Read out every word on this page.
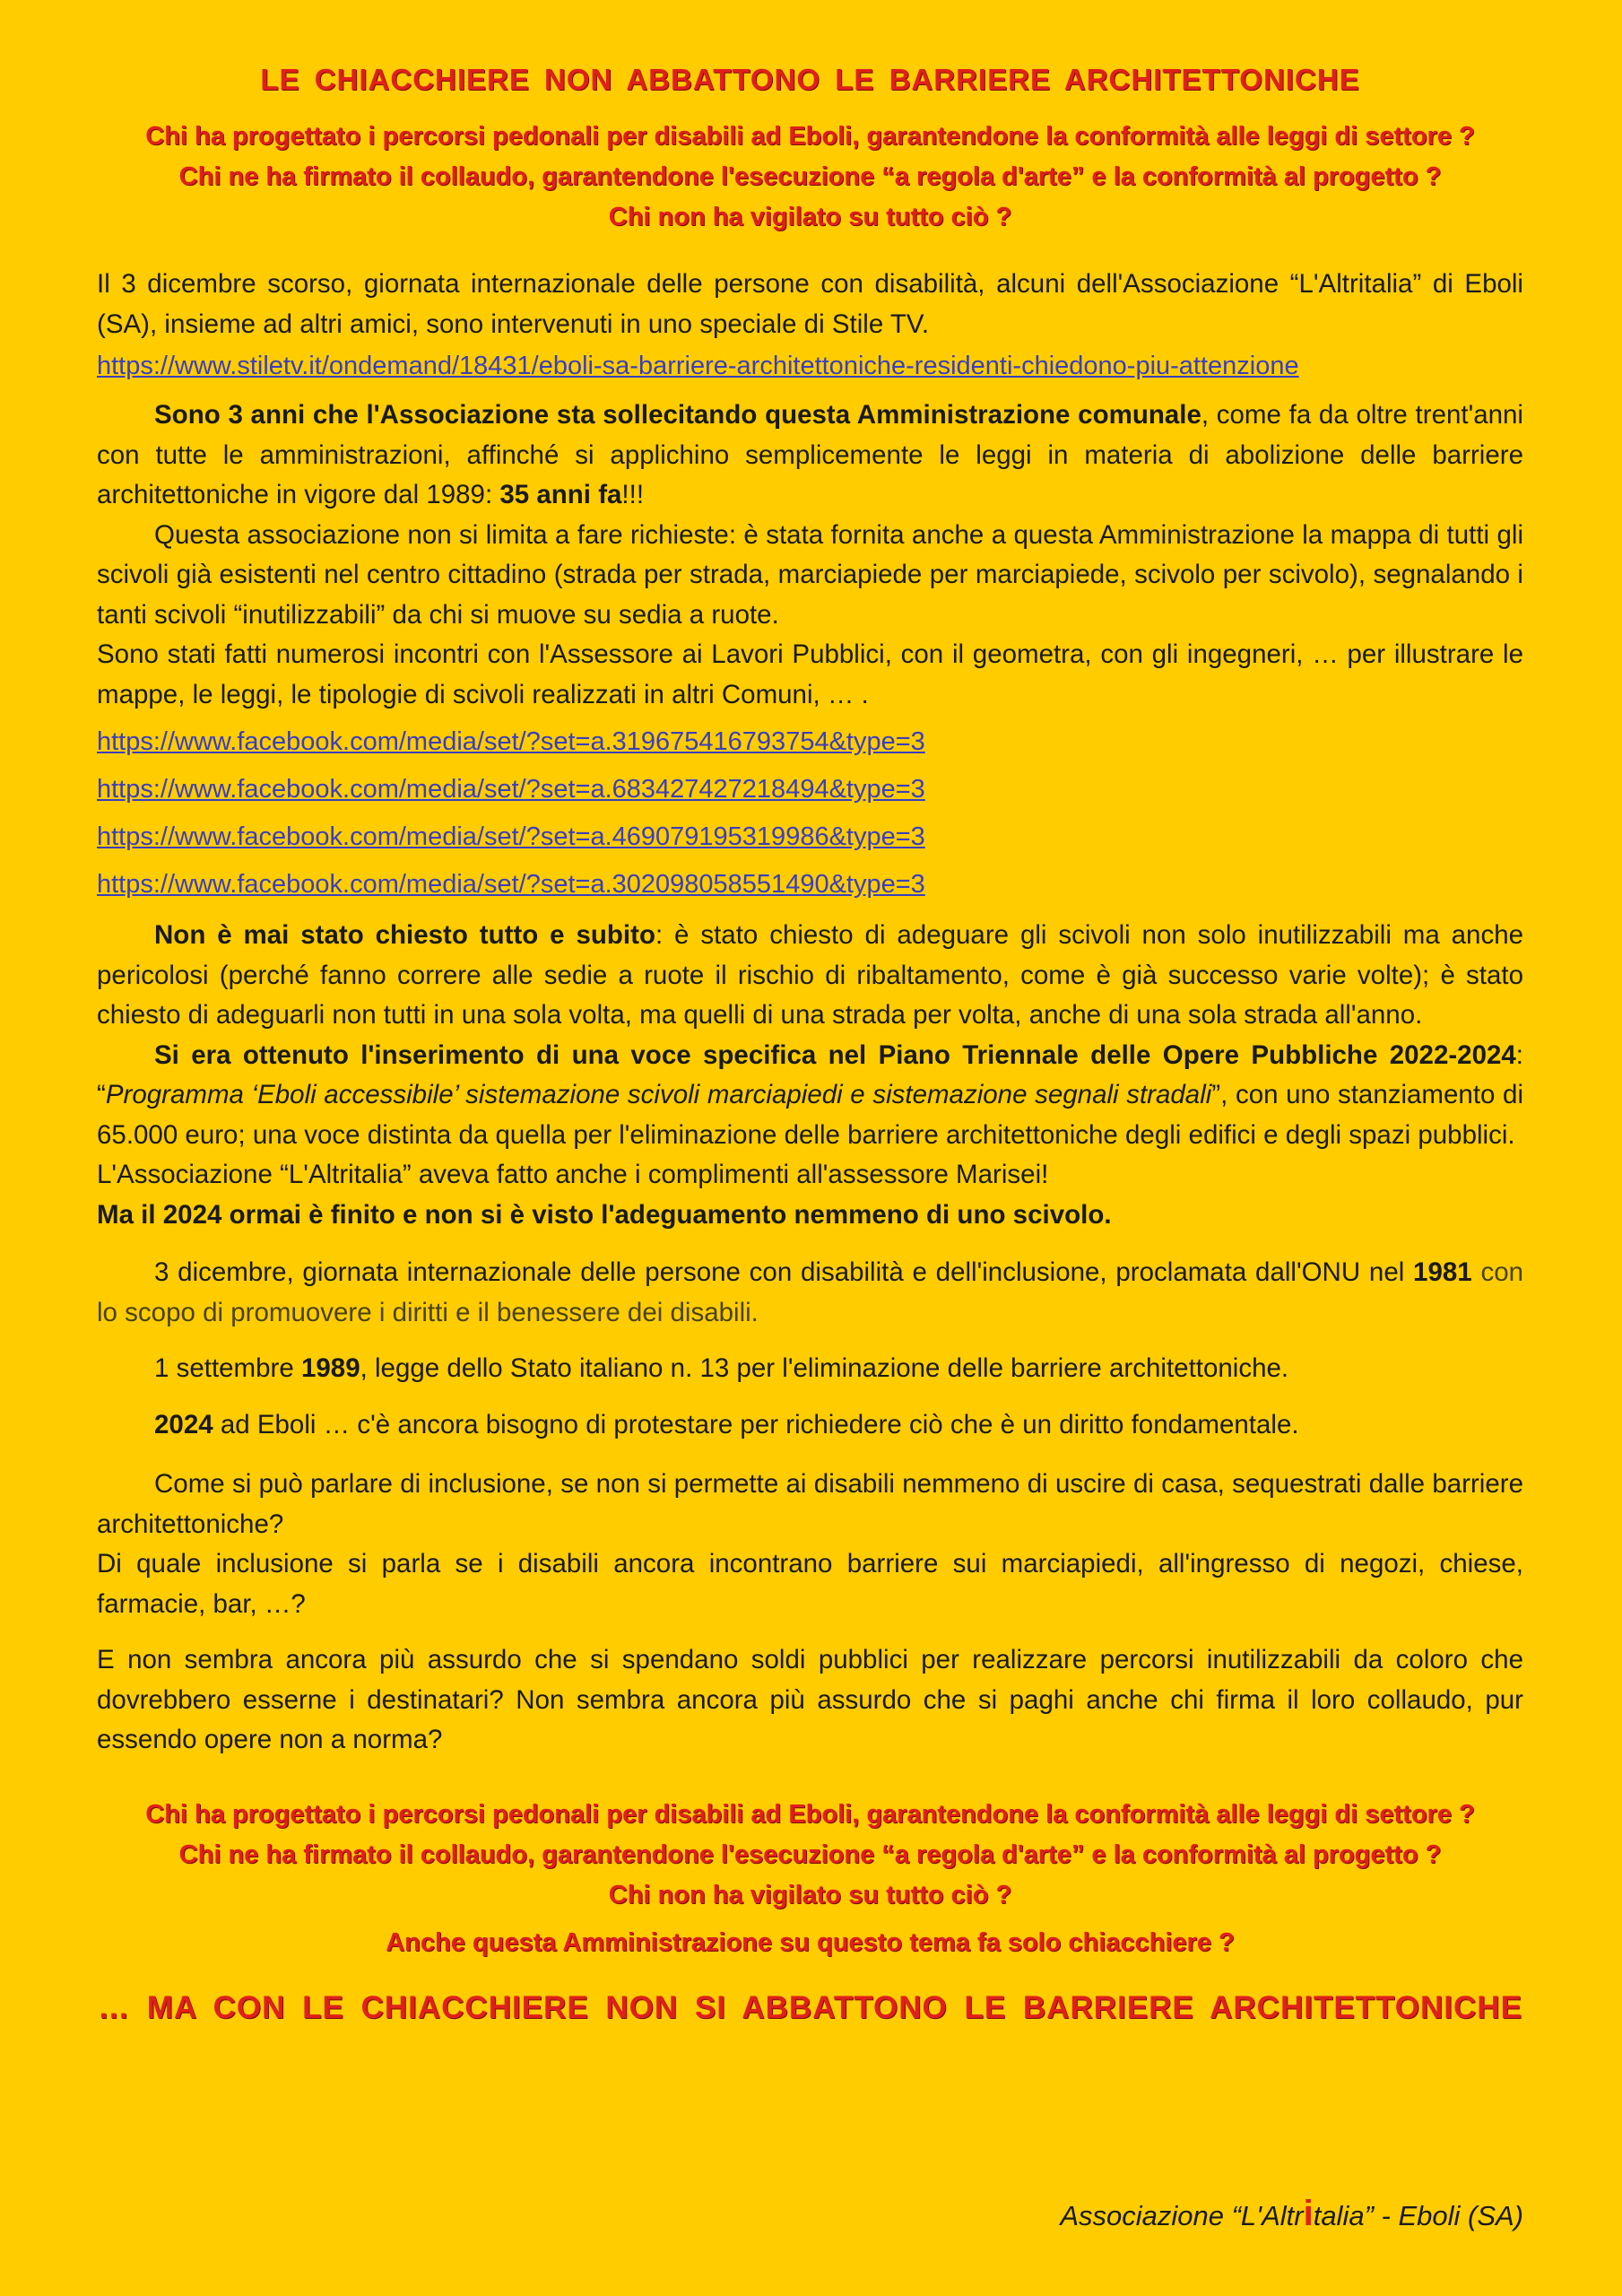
LE CHIACCHIERE NON ABBATTONO LE BARRIERE ARCHITETTONICHE

Chi ha progettato i percorsi pedonali per disabili ad Eboli, garantendone la conformità alle leggi di settore ?

Chi ne ha firmato il collaudo, garantendone l'esecuzione “a regola d'arte” e la conformità al progetto ?

Chi non ha vigilato su tutto ciò ?

Il 3 dicembre scorso, giornata internazionale delle persone con disabilità, alcuni dell'Associazione “L'Altritalia” di Eboli (SA), insieme ad altri amici, sono intervenuti in uno speciale di Stile TV.

https://www.stiletv.it/ondemand/18431/eboli-sa-barriere-architettoniche-residenti-chiedono-piu-attenzione

Sono 3 anni che l'Associazione sta sollecitando questa Amministrazione comunale, come fa da oltre trent'anni con tutte le amministrazioni, affinché si applichino semplicemente le leggi in materia di abolizione delle barriere architettoniche in vigore dal 1989: 35 anni fa!!!

Questa associazione non si limita a fare richieste: è stata fornita anche a questa Amministrazione la mappa di tutti gli scivoli già esistenti nel centro cittadino (strada per strada, marciapiede per marciapiede, scivolo per scivolo), segnalando i tanti scivoli “inutilizzabili” da chi si muove su sedia a ruote.

Sono stati fatti numerosi incontri con l'Assessore ai Lavori Pubblici, con il geometra, con gli ingegneri, … per illustrare le mappe, le leggi, le tipologie di scivoli realizzati in altri Comuni, … .

https://www.facebook.com/media/set/?set=a.319675416793754&type=3
https://www.facebook.com/media/set/?set=a.683427427218494&type=3
https://www.facebook.com/media/set/?set=a.469079195319986&type=3
https://www.facebook.com/media/set/?set=a.302098058551490&type=3

Non è mai stato chiesto tutto e subito: è stato chiesto di adeguare gli scivoli non solo inutilizzabili ma anche pericolosi (perché fanno correre alle sedie a ruote il rischio di ribaltamento, come è già successo varie volte); è stato chiesto di adeguarli non tutti in una sola volta, ma quelli di una strada per volta, anche di una sola strada all'anno.

Si era ottenuto l'inserimento di una voce specifica nel Piano Triennale delle Opere Pubbliche 2022-2024: “Programma ‘Eboli accessibile’ sistemazione scivoli marciapiedi e sistemazione segnali stradali”, con uno stanziamento di 65.000 euro; una voce distinta da quella per l'eliminazione delle barriere architettoniche degli edifici e degli spazi pubblici.

L'Associazione “L'Altritalia” aveva fatto anche i complimenti all'assessore Marisei!

Ma il 2024 ormai è finito e non si è visto l'adeguamento nemmeno di uno scivolo.

3 dicembre, giornata internazionale delle persone con disabilità e dell'inclusione, proclamata dall'ONU nel 1981 con lo scopo di promuovere i diritti e il benessere dei disabili.

1 settembre 1989, legge dello Stato italiano n. 13 per l'eliminazione delle barriere architettoniche.

2024 ad Eboli … c'è ancora bisogno di protestare per richiedere ciò che è un diritto fondamentale.

Come si può parlare di inclusione, se non si permette ai disabili nemmeno di uscire di casa, sequestrati dalle barriere architettoniche?

Di quale inclusione si parla se i disabili ancora incontrano barriere sui marciapiedi, all'ingresso di negozi, chiese, farmacie, bar, …?

E non sembra ancora più assurdo che si spendano soldi pubblici per realizzare percorsi inutilizzabili da coloro che dovrebbero esserne i destinatari? Non sembra ancora più assurdo che si paghi anche chi firma il loro collaudo, pur essendo opere non a norma?

Chi ha progettato i percorsi pedonali per disabili ad Eboli, garantendone la conformità alle leggi di settore ?

Chi ne ha firmato il collaudo, garantendone l'esecuzione “a regola d'arte” e la conformità al progetto ?

Chi non ha vigilato su tutto ciò ?

Anche questa Amministrazione su questo tema fa solo chiacchiere ?

… MA CON LE CHIACCHIERE NON SI ABBATTONO LE BARRIERE ARCHITETTONICHE

Associazione “L'Altritalia” - Eboli (SA)
